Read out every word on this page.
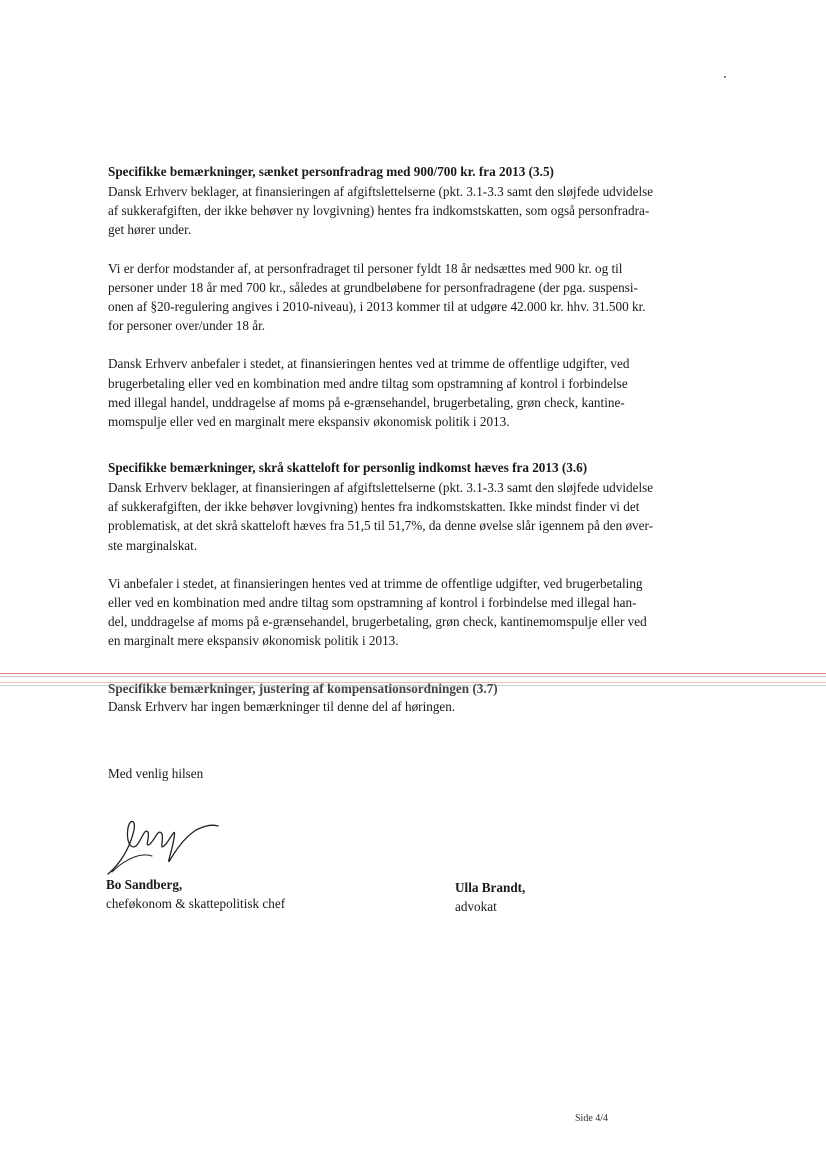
Specifikke bemærkninger, sænket personfradrag med 900/700 kr. fra 2013 (3.5)
Dansk Erhverv beklager, at finansieringen af afgiftslettelserne (pkt. 3.1-3.3 samt den sløjfede udvidelse
af sukkerafgiften, der ikke behøver ny lovgivning) hentes fra indkomstskatten, som også personfradra-
get hører under.
Vi er derfor modstander af, at personfradraget til personer fyldt 18 år nedsættes med 900 kr. og til
personer under 18 år med 700 kr., således at grundbeløbene for personfradragene (der pga. suspensi-
onen af §20-regulering angives i 2010-niveau), i 2013 kommer til at udgøre 42.000 kr. hhv. 31.500 kr.
for personer over/under 18 år.
Dansk Erhverv anbefaler i stedet, at finansieringen hentes ved at trimme de offentlige udgifter, ved
brugerbetaling eller ved en kombination med andre tiltag som opstramning af kontrol i forbindelse
med illegal handel, unddragelse af moms på e-grænsehandel, brugerbetaling, grøn check, kantine-
momspulje eller ved en marginalt mere ekspansiv økonomisk politik i 2013.
Specifikke bemærkninger, skrå skatteloft for personlig indkomst hæves fra 2013 (3.6)
Dansk Erhverv beklager, at finansieringen af afgiftslettelserne (pkt. 3.1-3.3 samt den sløjfede udvidelse
af sukkerafgiften, der ikke behøver lovgivning) hentes fra indkomstskatten. Ikke mindst finder vi det
problematisk, at det skrå skatteloft hæves fra 51,5 til 51,7%, da denne øvelse slår igennem på den øver-
ste marginalskat.
Vi anbefaler i stedet, at finansieringen hentes ved at trimme de offentlige udgifter, ved brugerbetaling
eller ved en kombination med andre tiltag som opstramning af kontrol i forbindelse med illegal han-
del, unddragelse af moms på e-grænsehandel, brugerbetaling, grøn check, kantinemomspulje eller ved
en marginalt mere ekspansiv økonomisk politik i 2013.
Specifikke bemærkninger, justering af kompensationsordningen (3.7)
Dansk Erhverv har ingen bemærkninger til denne del af høringen.
Med venlig hilsen
Bo Sandberg,
cheføkonom & skattepolitisk chef
Ulla Brandt,
advokat
Side 4/4
